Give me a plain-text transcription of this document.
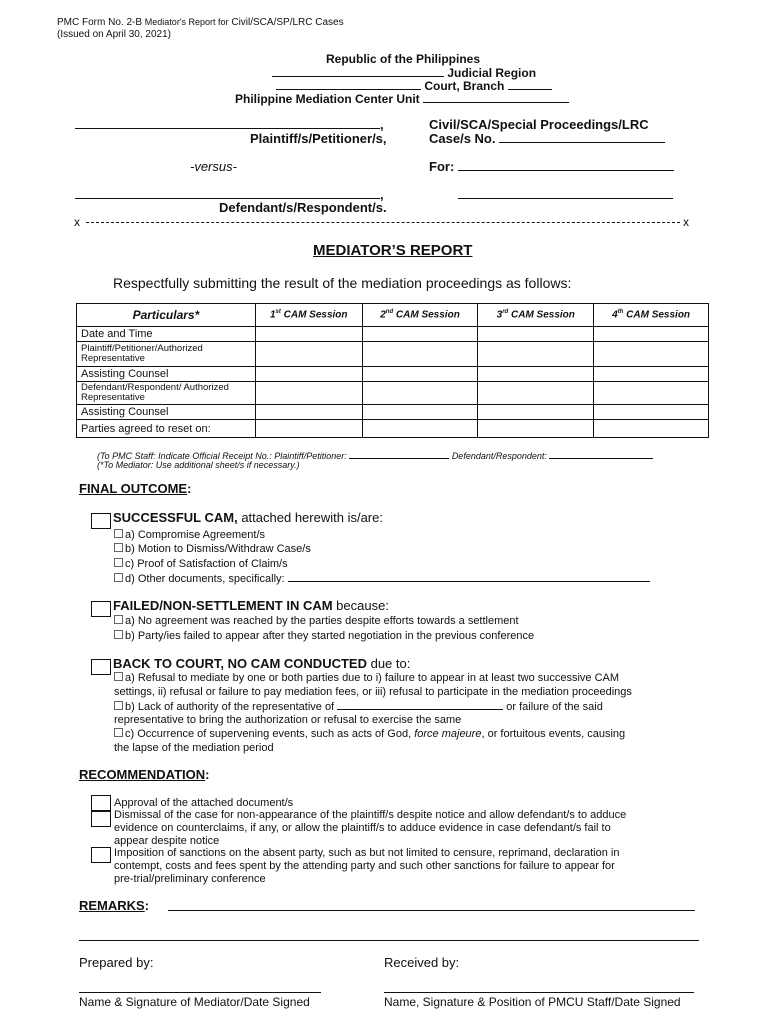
PMC Form No. 2-B Mediator's Report for Civil/SCA/SP/LRC Cases
(Issued on April 30, 2021)
Republic of the Philippines
Judicial Region
Court, Branch
Philippine Mediation Center Unit
,
Plaintiff/s/Petitioner/s,
Civil/SCA/Special Proceedings/LRC
Case/s No.
-versus-	For:
,
Defendant/s/Respondent/s.
x	x
MEDIATOR’S REPORT
Respectfully submitting the result of the mediation proceedings as follows:
Particulars*	1st CAM Session	2nd CAM Session	3rd CAM Session	4th CAM Session
Date and Time				
Plaintiff/Petitioner/Authorized Representative				
Assisting Counsel				
Defendant/Respondent/ Authorized Representative				
Assisting Counsel				
Parties agreed to reset on:				
(To PMC Staff: Indicate Official Receipt No.: Plaintiff/Petitioner:	Defendant/Respondent:
(*To Mediator: Use additional sheet/s if necessary.)
FINAL OUTCOME:
SUCCESSFUL CAM, attached herewith is/are:
a) Compromise Agreement/s
b) Motion to Dismiss/Withdraw Case/s
c) Proof of Satisfaction of Claim/s
d) Other documents, specifically:
FAILED/NON-SETTLEMENT IN CAM because:
a) No agreement was reached by the parties despite efforts towards a settlement
b) Party/ies failed to appear after they started negotiation in the previous conference
BACK TO COURT, NO CAM CONDUCTED due to:
a) Refusal to mediate by one or both parties due to i) failure to appear in at least two successive CAM
settings, ii) refusal or failure to pay mediation fees, or iii) refusal to participate in the mediation proceedings
b) Lack of authority of the representative of	or failure of the said
representative to bring the authorization or refusal to exercise the same
c) Occurrence of supervening events, such as acts of God, force majeure, or fortuitous events, causing
the lapse of the mediation period
RECOMMENDATION:
Approval of the attached document/s
Dismissal of the case for non-appearance of the plaintiff/s despite notice and allow defendant/s to adduce
evidence on counterclaims, if any, or allow the plaintiff/s to adduce evidence in case defendant/s fail to
appear despite notice
Imposition of sanctions on the absent party, such as but not limited to censure, reprimand, declaration in
contempt, costs and fees spent by the attending party and such other sanctions for failure to appear for
pre-trial/preliminary conference
REMARKS:
Prepared by:	Received by:
Name & Signature of Mediator/Date Signed	Name, Signature & Position of PMCU Staff/Date Signed
